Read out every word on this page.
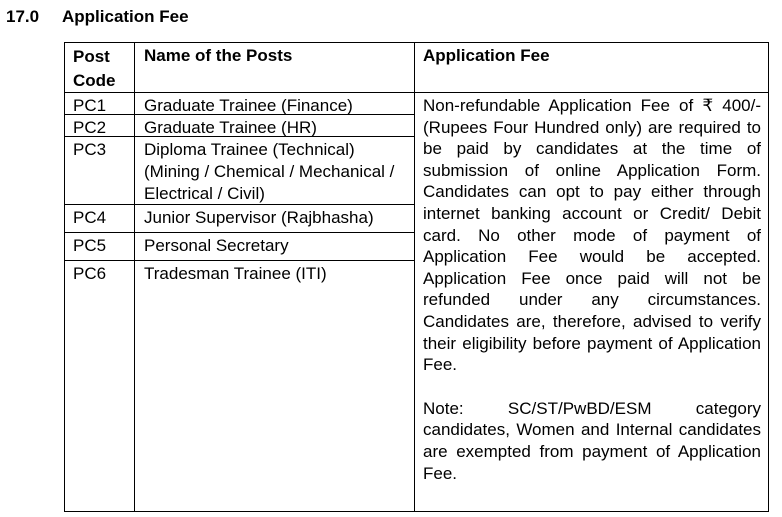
17.0 Application Fee
Post Code
Name of the Posts	Application Fee
PC1
PC2
PC3
PC4
PC5
PC6
Graduate Trainee (Finance)
Graduate Trainee (HR)
Diploma Trainee (Technical) (Mining / Chemical / Mechanical / Electrical / Civil)
Junior Supervisor (Rajbhasha)
Personal Secretary
Tradesman Trainee (ITI)

Non-refundable Application Fee of ₹ 400/- (Rupees Four Hundred only) are required to be paid by candidates at the time of submission of online Application Form. Candidates can opt to pay either through internet banking account or Credit/ Debit card. No other mode of payment of Application Fee would be accepted. Application Fee once paid will not be refunded under any circumstances. Candidates are, therefore, advised to verify their eligibility before payment of Application Fee.

Note: SC/ST/PwBD/ESM category candidates, Women and Internal candidates are exempted from payment of Application Fee.
